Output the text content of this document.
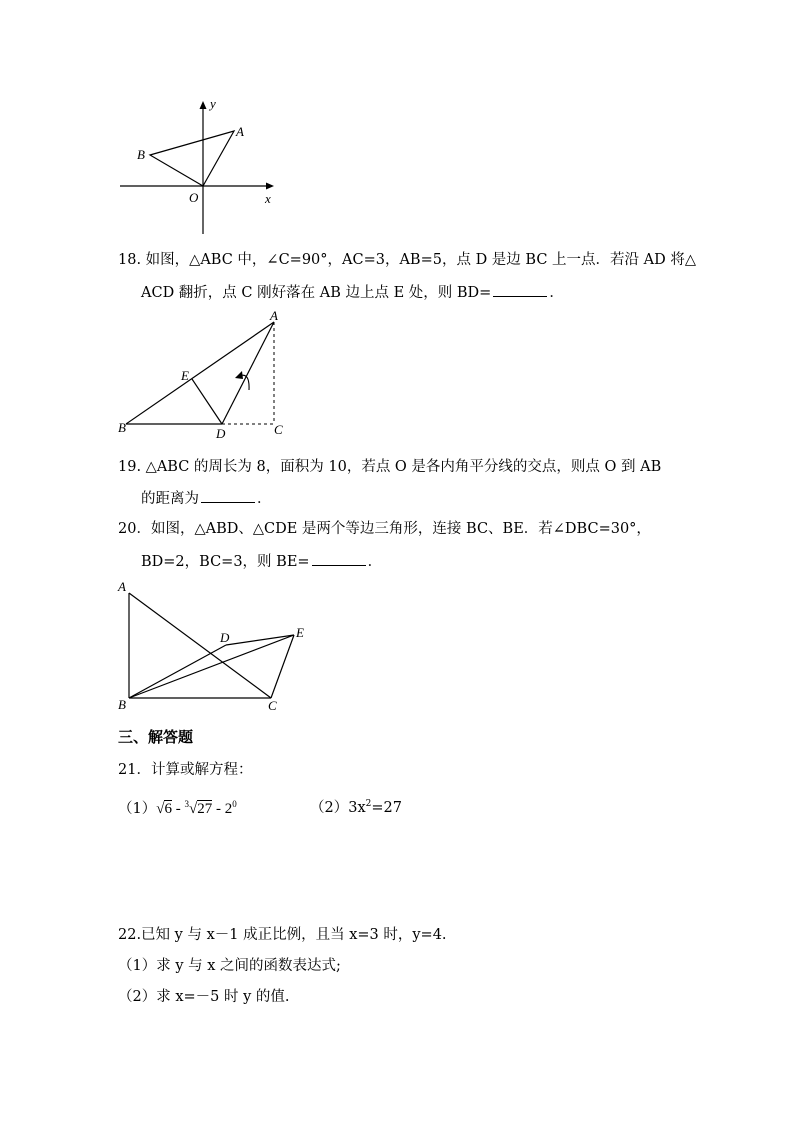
y
x
O
A
B
18. 如图，△ABC 中，∠C=90°，AC=3，AB=5，点 D 是边 BC 上一点．若沿 AD 将△
ACD 翻折，点 C 刚好落在 AB 边上点 E 处，则 BD=	．
A
B	C
D
E
19. △ABC 的周长为 8，面积为 10，若点 O 是各内角平分线的交点，则点 O 到 AB
的距离为	．
20．如图，△ABD、△CDE 是两个等边三角形，连接 BC、BE．若∠DBC=30°，
BD=2，BC=3，则 BE=	．
A
B	C
D	E
三、解答题
21．计算或解方程：
$(1)√6 - ^3√27 - 2^0$	$(2)3x^2=27$
22.已知 y 与 x－1 成正比例，且当 x=3 时，y=4.
（1）求 y 与 x 之间的函数表达式;
（2）求 x=－5 时 y 的值.
